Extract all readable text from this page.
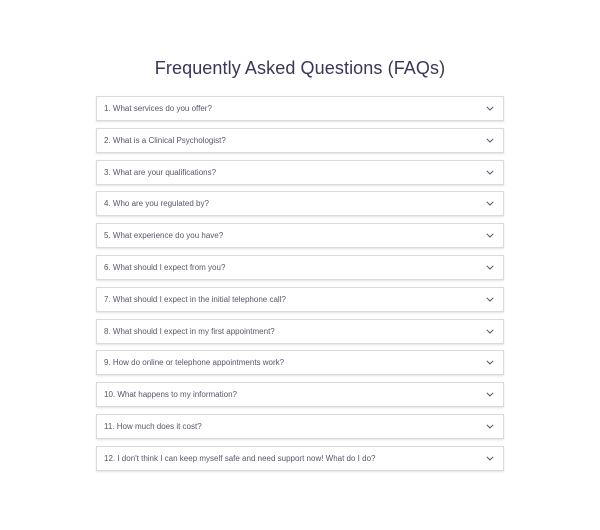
Frequently Asked Questions (FAQs)
1. What services do you offer?
2. What is a Clinical Psychologist?
3. What are your qualifications?
4. Who are you regulated by?
5. What experience do you have?
6. What should I expect from you?
7. What should I expect in the initial telephone call?
8. What should I expect in my first appointment?
9. How do online or telephone appointments work?
10. What happens to my information?
11. How much does it cost?
12. I don't think I can keep myself safe and need support now! What do I do?
